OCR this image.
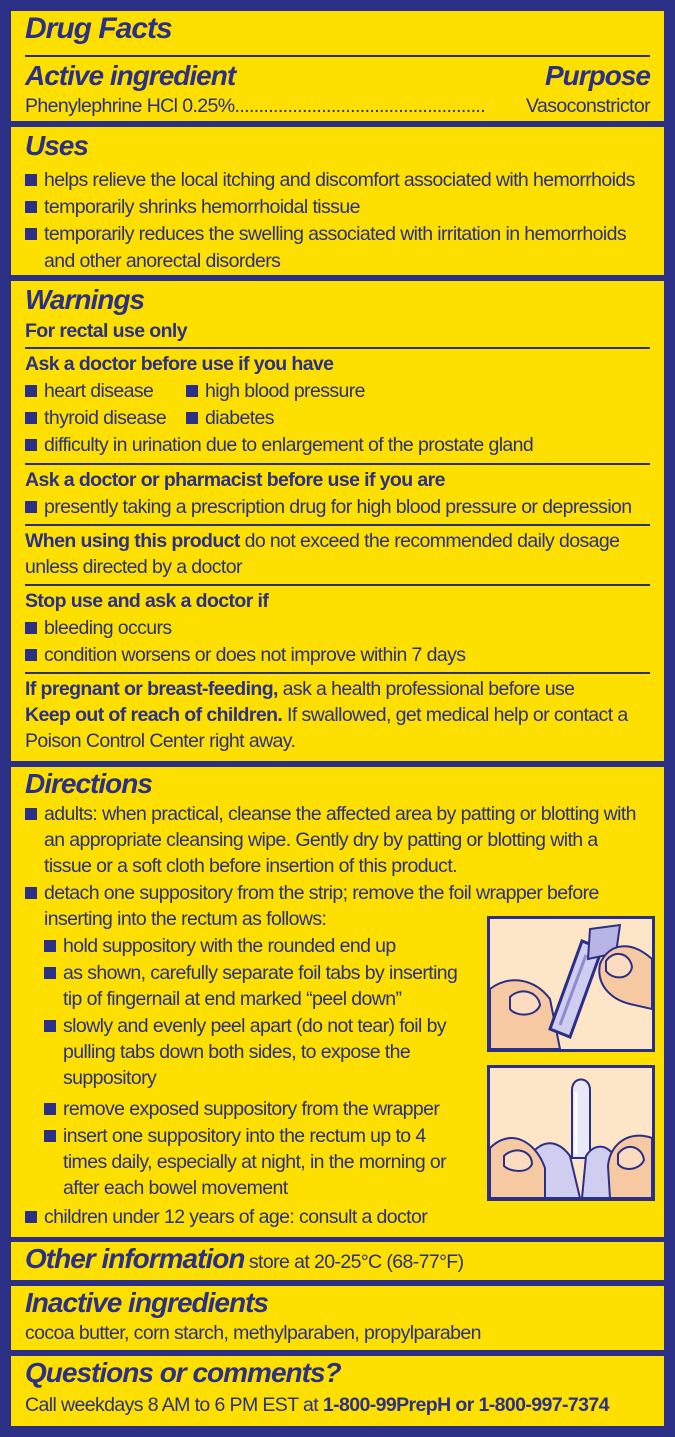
Drug Facts
Active ingredient	Purpose
Phenylephrine HCl 0.25%.................................................... Vasoconstrictor
Uses
helps relieve the local itching and discomfort associated with hemorrhoids
temporarily shrinks hemorrhoidal tissue
temporarily reduces the swelling associated with irritation in hemorrhoids
and other anorectal disorders
Warnings
For rectal use only
Ask a doctor before use if you have
heart disease	high blood pressure
thyroid disease	diabetes
difficulty in urination due to enlargement of the prostate gland
Ask a doctor or pharmacist before use if you are
presently taking a prescription drug for high blood pressure or depression
When using this product do not exceed the recommended daily dosage
unless directed by a doctor
Stop use and ask a doctor if
bleeding occurs
condition worsens or does not improve within 7 days
If pregnant or breast-feeding, ask a health professional before use
Keep out of reach of children. If swallowed, get medical help or contact a
Poison Control Center right away.
Directions
adults: when practical, cleanse the affected area by patting or blotting with
an appropriate cleansing wipe. Gently dry by patting or blotting with a
tissue or a soft cloth before insertion of this product.
detach one suppository from the strip; remove the foil wrapper before
inserting into the rectum as follows:
hold suppository with the rounded end up
as shown, carefully separate foil tabs by inserting
tip of fingernail at end marked “peel down”
slowly and evenly peel apart (do not tear) foil by
pulling tabs down both sides, to expose the
suppository
remove exposed suppository from the wrapper
insert one suppository into the rectum up to 4
times daily, especially at night, in the morning or
after each bowel movement
children under 12 years of age: consult a doctor
Other information store at 20-25°C (68-77°F)
Inactive ingredients
cocoa butter, corn starch, methylparaben, propylparaben
Questions or comments?
Call weekdays 8 AM to 6 PM EST at 1-800-99PrepH or 1-800-997-7374
